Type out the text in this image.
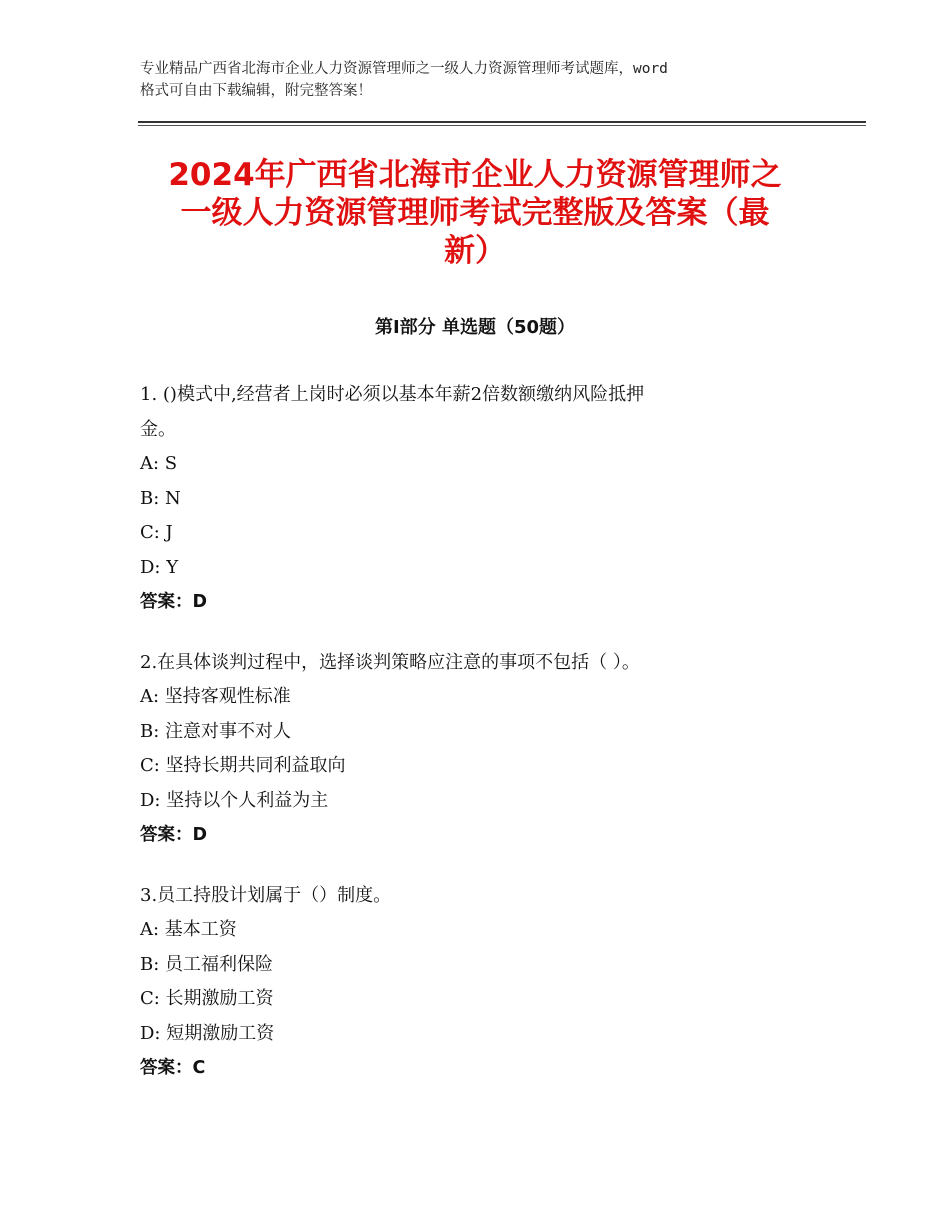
专业精品广西省北海市企业人力资源管理师之一级人力资源管理师考试题库，word
格式可自由下载编辑，附完整答案！
2024年广西省北海市企业人力资源管理师之
一级人力资源管理师考试完整版及答案（最
新）
第Ⅰ部分 单选题（50题）
1. ()模式中,经营者上岗时必须以基本年薪2倍数额缴纳风险抵押
金。
A: S
B: N
C: J
D: Y
答案：D
2.在具体谈判过程中，选择谈判策略应注意的事项不包括（ ）。
A: 坚持客观性标准
B: 注意对事不对人
C: 坚持长期共同利益取向
D: 坚持以个人利益为主
答案：D
3.员工持股计划属于（）制度。
A: 基本工资
B: 员工福利保险
C: 长期激励工资
D: 短期激励工资
答案：C
